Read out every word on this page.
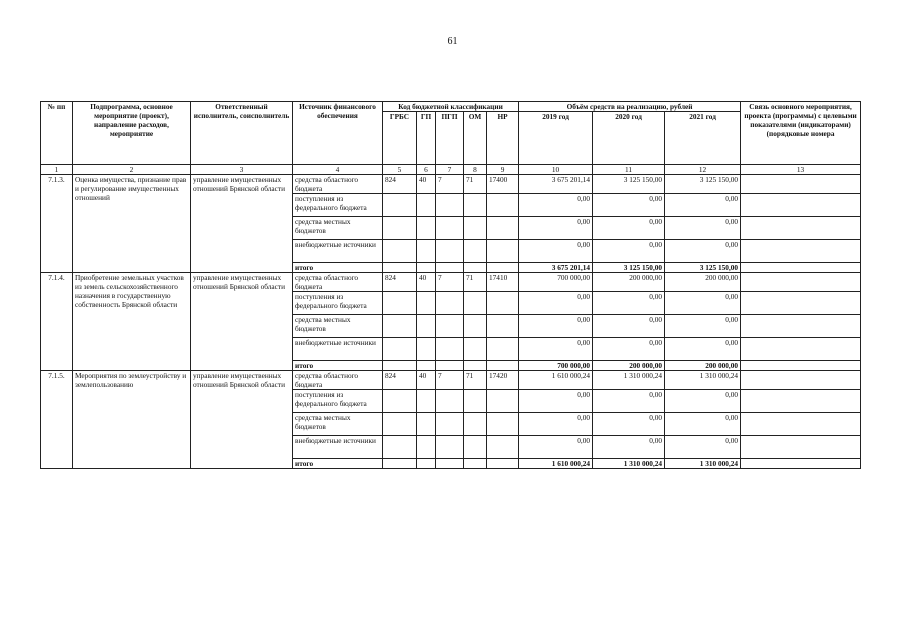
61
№ пп	Подпрограмма, основное мероприятие (проект), направление расходов, мероприятие	Ответственный исполнитель, соисполнитель	Источник финансового обеспечения	Код бюджетной классификации					Объём средств на реализацию, рублей			Связь основного мероприятия, проекта (программы) с целевыми показателями (индикаторами) (порядковые номера
				ГРБС	ГП	ПГП	ОМ	НР	2019 год	2020 год	2021 год	
1	2	3	4	5	6	7	8	9	10	11	12	13
7.1.3.	Оценка имущества, признание прав и регулирование имущественных отношений	управление имущественных отношений Брянской области	средства областного бюджета	824	40	7	71	17400	3 675 201,14	3 125 150,00	3 125 150,00	
			поступления из федерального бюджета						0,00	0,00	0,00	
			средства местных бюджетов						0,00	0,00	0,00	
			внебюджетные источники						0,00	0,00	0,00	
			итого						3 675 201,14	3 125 150,00	3 125 150,00	
7.1.4.	Приобретение земельных участков из земель сельскохозяйственного назначения в государственную собственность Брянской области	управление имущественных отношений Брянской области	средства областного бюджета	824	40	7	71	17410	700 000,00	200 000,00	200 000,00	
			поступления из федерального бюджета						0,00	0,00	0,00	
			средства местных бюджетов						0,00	0,00	0,00	
			внебюджетные источники						0,00	0,00	0,00	
			итого						700 000,00	200 000,00	200 000,00	
7.1.5.	Мероприятия по землеустройству и землепользованию	управление имущественных отношений Брянской области	средства областного бюджета	824	40	7	71	17420	1 610 000,24	1 310 000,24	1 310 000,24	
			поступления из федерального бюджета						0,00	0,00	0,00	
			средства местных бюджетов						0,00	0,00	0,00	
			внебюджетные источники						0,00	0,00	0,00	
			итого						1 610 000,24	1 310 000,24	1 310 000,24	
